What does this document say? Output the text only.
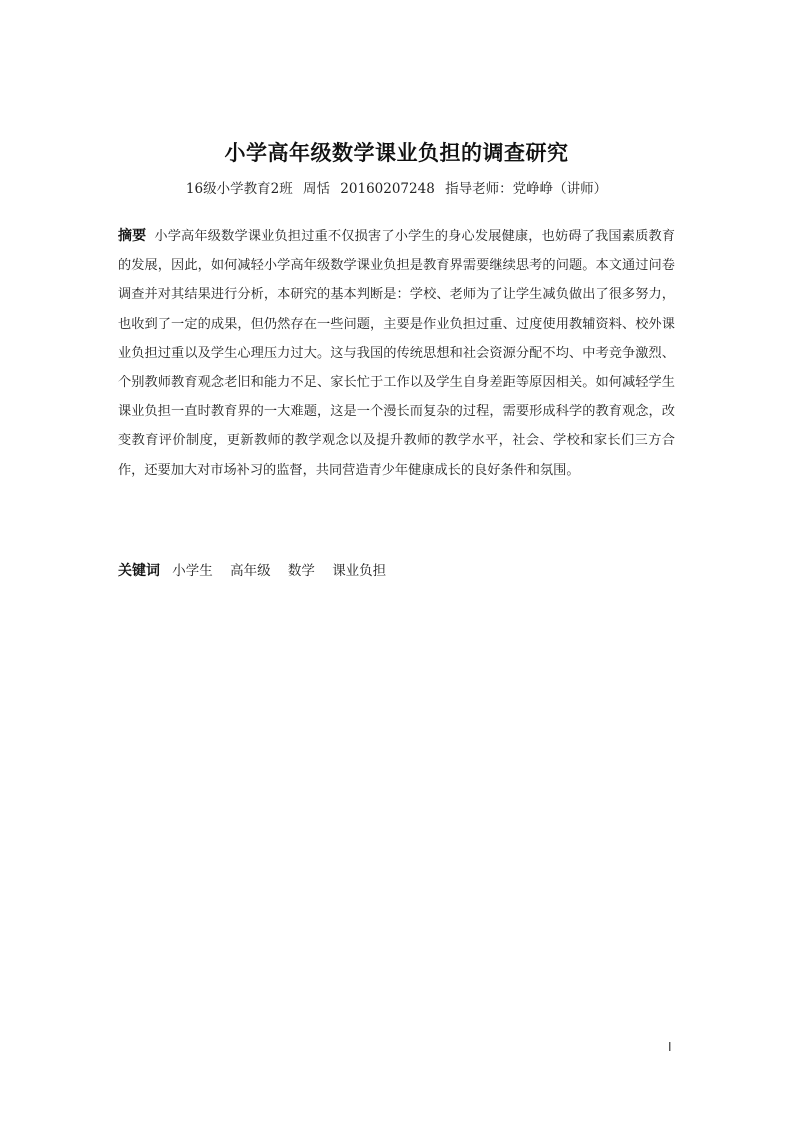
小学高年级数学课业负担的调查研究
16级小学教育2班 周恬 20160207248 指导老师：党峥峥（讲师）

摘要 小学高年级数学课业负担过重不仅损害了小学生的身心发展健康，也妨碍了我国素质教育的发展，因此，如何减轻小学高年级数学课业负担是教育界需要继续思考的问题。本文通过问卷调查并对其结果进行分析，本研究的基本判断是：学校、老师为了让学生减负做出了很多努力，也收到了一定的成果，但仍然存在一些问题，主要是作业负担过重、过度使用教辅资料、校外课业负担过重以及学生心理压力过大。这与我国的传统思想和社会资源分配不均、中考竞争激烈、个别教师教育观念老旧和能力不足、家长忙于工作以及学生自身差距等原因相关。如何减轻学生课业负担一直时教育界的一大难题，这是一个漫长而复杂的过程，需要形成科学的教育观念，改变教育评价制度，更新教师的教学观念以及提升教师的教学水平，社会、学校和家长们三方合作，还要加大对市场补习的监督，共同营造青少年健康成长的良好条件和氛围。

关键词 小学生 高年级 数学 课业负担
I
